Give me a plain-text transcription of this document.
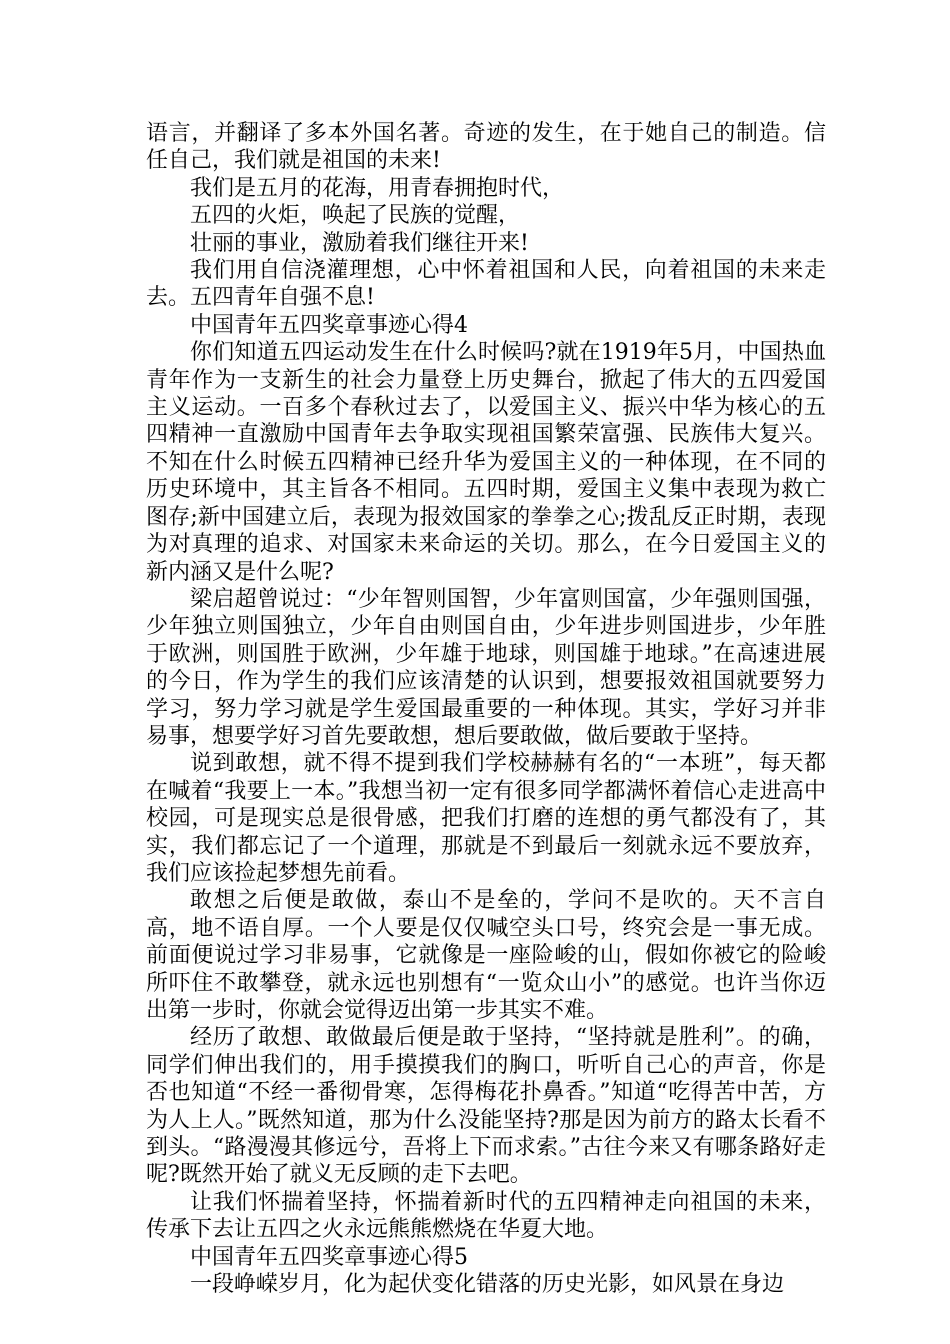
语言，并翻译了多本外国名著。奇迹的发生，在于她自己的制造。信任自己，我们就是祖国的未来!

我们是五月的花海，用青春拥抱时代，

五四的火炬，唤起了民族的觉醒，

壮丽的事业，激励着我们继往开来!

我们用自信浇灌理想，心中怀着祖国和人民，向着祖国的未来走去。五四青年自强不息!

中国青年五四奖章事迹心得4

你们知道五四运动发生在什么时候吗?就在1919年5月，中国热血青年作为一支新生的社会力量登上历史舞台，掀起了伟大的五四爱国主义运动。一百多个春秋过去了，以爱国主义、振兴中华为核心的五四精神一直激励中国青年去争取实现祖国繁荣富强、民族伟大复兴。不知在什么时候五四精神已经升华为爱国主义的一种体现，在不同的历史环境中，其主旨各不相同。五四时期，爱国主义集中表现为救亡图存;新中国建立后，表现为报效国家的拳拳之心;拨乱反正时期，表现为对真理的追求、对国家未来命运的关切。那么，在今日爱国主义的新内涵又是什么呢?

梁启超曾说过：“少年智则国智，少年富则国富，少年强则国强，少年独立则国独立，少年自由则国自由，少年进步则国进步，少年胜于欧洲，则国胜于欧洲，少年雄于地球，则国雄于地球。”在高速进展的今日，作为学生的我们应该清楚的认识到，想要报效祖国就要努力学习，努力学习就是学生爱国最重要的一种体现。其实，学好习并非易事，想要学好习首先要敢想，想后要敢做，做后要敢于坚持。

说到敢想，就不得不提到我们学校赫赫有名的“一本班”，每天都在喊着“我要上一本。”我想当初一定有很多同学都满怀着信心走进高中校园，可是现实总是很骨感，把我们打磨的连想的勇气都没有了，其实，我们都忘记了一个道理，那就是不到最后一刻就永远不要放弃，我们应该捡起梦想先前看。

敢想之后便是敢做，泰山不是垒的，学问不是吹的。天不言自高，地不语自厚。一个人要是仅仅喊空头口号，终究会是一事无成。前面便说过学习非易事，它就像是一座险峻的山，假如你被它的险峻所吓住不敢攀登，就永远也别想有“一览众山小”的感觉。也许当你迈出第一步时，你就会觉得迈出第一步其实不难。

经历了敢想、敢做最后便是敢于坚持，“坚持就是胜利”。的确，同学们伸出我们的，用手摸摸我们的胸口，听听自己心的声音，你是否也知道“不经一番彻骨寒，怎得梅花扑鼻香。”知道“吃得苦中苦，方为人上人。”既然知道，那为什么没能坚持?那是因为前方的路太长看不到头。“路漫漫其修远兮，吾将上下而求索。”古往今来又有哪条路好走呢?既然开始了就义无反顾的走下去吧。

让我们怀揣着坚持，怀揣着新时代的五四精神走向祖国的未来，传承下去让五四之火永远熊熊燃烧在华夏大地。

中国青年五四奖章事迹心得5

一段峥嵘岁月，化为起伏变化错落的历史光影，如风景在身边
